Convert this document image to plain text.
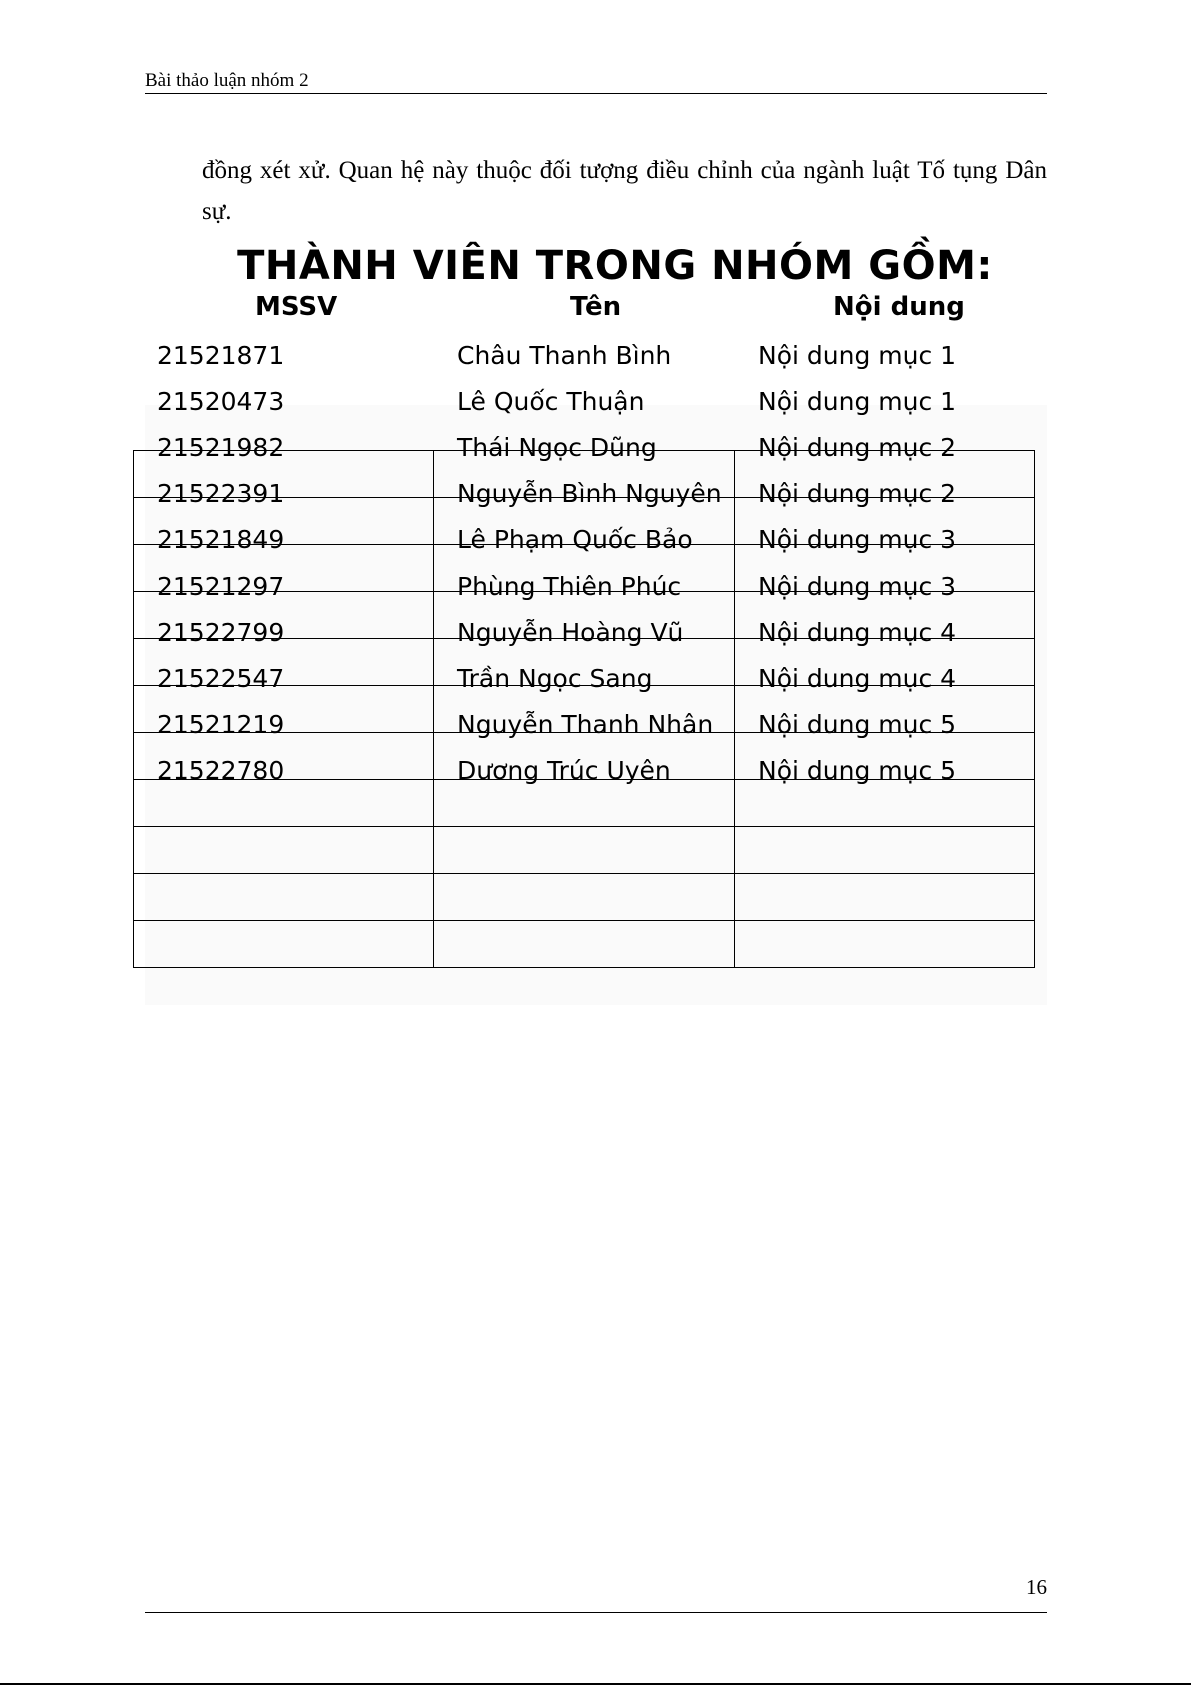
Bài thảo luận nhóm 2
đồng xét xử. Quan hệ này thuộc đối tượng điều chỉnh của ngành luật Tố tụng Dân sự.

THÀNH VIÊN TRONG NHÓM GỒM:
MSSV	Tên	Nội dung
21521871	Châu Thanh Bình	Nội dung mục 1
21520473	Lê Quốc Thuận	Nội dung mục 1
21521982	Thái Ngọc Dũng	Nội dung mục 2
21522391	Nguyễn Bình Nguyên Nội dung mục 2
21521849	Lê Phạm Quốc Bảo	Nội dung mục 3
21521297	Phùng Thiên Phúc	Nội dung mục 3
21522799	Nguyễn Hoàng Vũ	Nội dung mục 4
21522547	Trần Ngọc Sang	Nội dung mục 4
21521219	Nguyễn Thanh Nhân Nội dung mục 5
21522780	Dương Trúc Uyên	Nội dung mục 5
16
